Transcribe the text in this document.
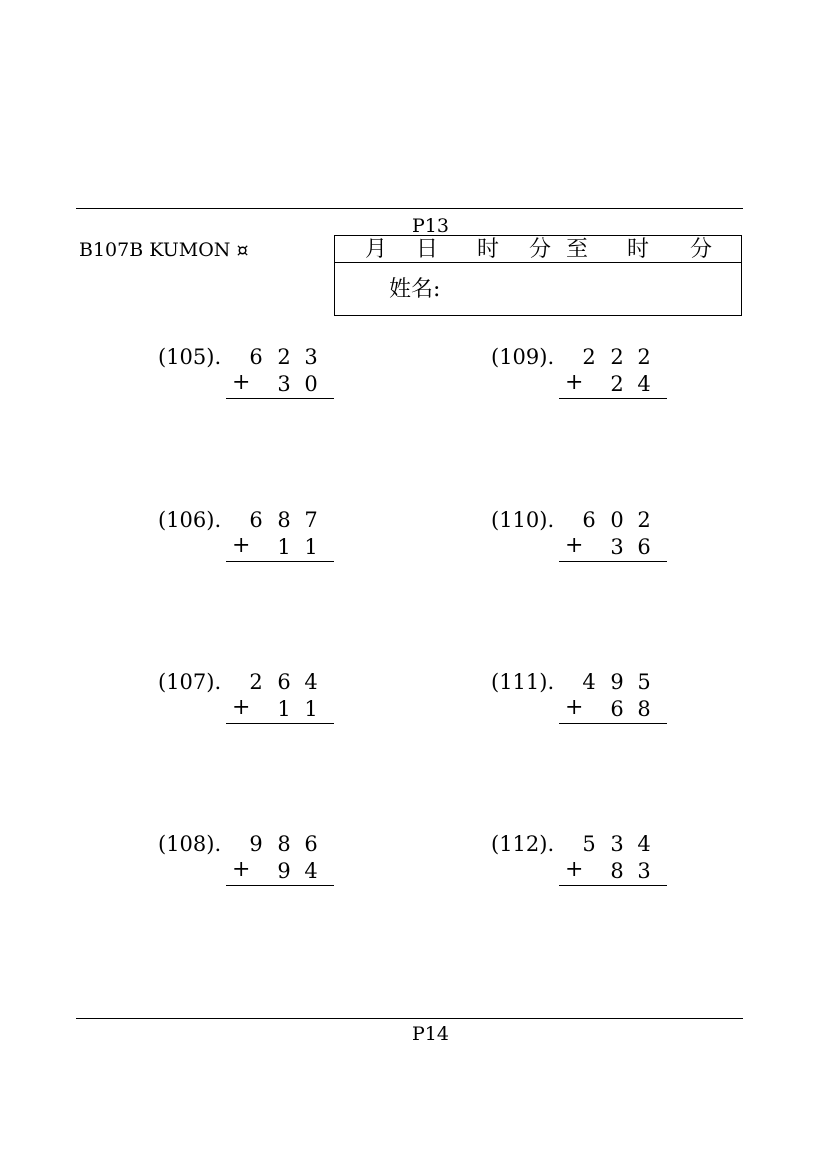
P13
B107B KUMON ¤	月 日 时 分 至 时 分
姓名:
(105). 6 2 3
+ 3 0
(106). 6 8 7
+ 1 1
(107). 2 6 4
+ 1 1
(108). 9 8 6
+ 9 4
(109). 2 2 2
+ 2 4
(110). 6 0 2
+ 3 6
(111). 4 9 5
+ 6 8
(112). 5 3 4
+ 8 3
P14
